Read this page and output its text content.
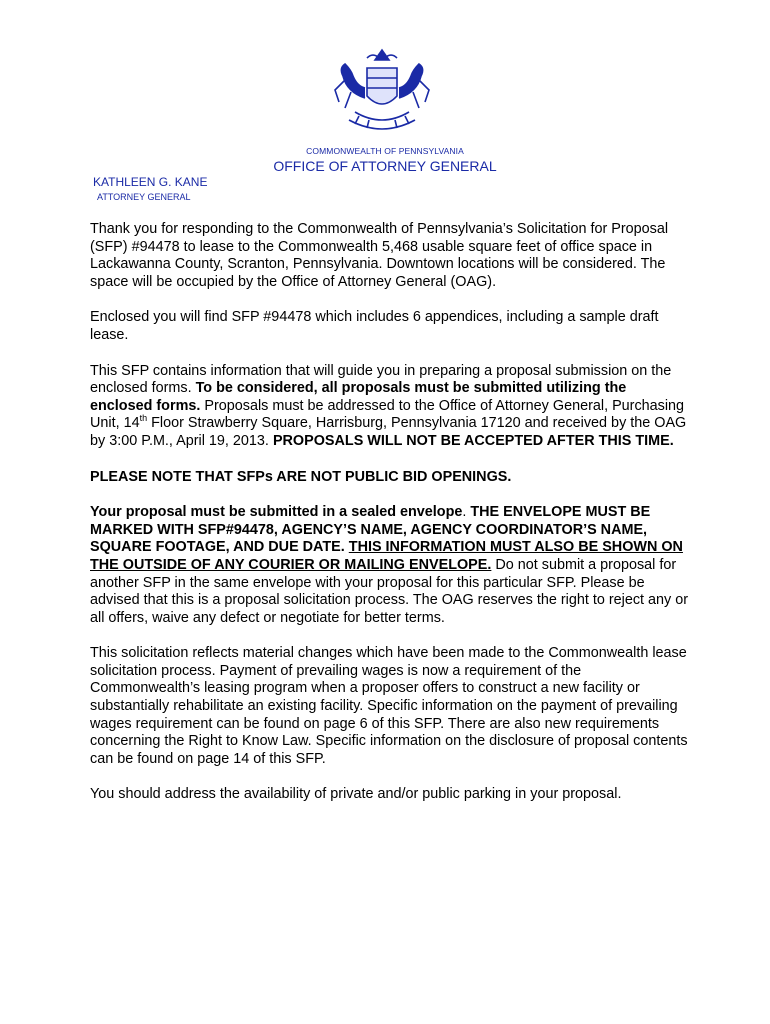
COMMONWEALTH OF PENNSYLVANIA
OFFICE OF ATTORNEY GENERAL
KATHLEEN G. KANE
ATTORNEY GENERAL

Thank you for responding to the Commonwealth of Pennsylvania’s Solicitation for Proposal (SFP) #94478 to lease to the Commonwealth 5,468 usable square feet of office space in Lackawanna County, Scranton, Pennsylvania. Downtown locations will be considered. The space will be occupied by the Office of Attorney General (OAG).

Enclosed you will find SFP #94478 which includes 6 appendices, including a sample draft lease.

This SFP contains information that will guide you in preparing a proposal submission on the enclosed forms. To be considered, all proposals must be submitted utilizing the enclosed forms. Proposals must be addressed to the Office of Attorney General, Purchasing Unit, 14th Floor Strawberry Square, Harrisburg, Pennsylvania 17120 and received by the OAG by 3:00 P.M., April 19, 2013. PROPOSALS WILL NOT BE ACCEPTED AFTER THIS TIME.

PLEASE NOTE THAT SFPs ARE NOT PUBLIC BID OPENINGS.

Your proposal must be submitted in a sealed envelope. THE ENVELOPE MUST BE MARKED WITH SFP#94478, AGENCY’S NAME, AGENCY COORDINATOR’S NAME, SQUARE FOOTAGE, AND DUE DATE. THIS INFORMATION MUST ALSO BE SHOWN ON THE OUTSIDE OF ANY COURIER OR MAILING ENVELOPE. Do not submit a proposal for another SFP in the same envelope with your proposal for this particular SFP. Please be advised that this is a proposal solicitation process. The OAG reserves the right to reject any or all offers, waive any defect or negotiate for better terms.

This solicitation reflects material changes which have been made to the Commonwealth lease solicitation process. Payment of prevailing wages is now a requirement of the Commonwealth’s leasing program when a proposer offers to construct a new facility or substantially rehabilitate an existing facility. Specific information on the payment of prevailing wages requirement can be found on page 6 of this SFP. There are also new requirements concerning the Right to Know Law. Specific information on the disclosure of proposal contents can be found on page 14 of this SFP.

You should address the availability of private and/or public parking in your proposal.
